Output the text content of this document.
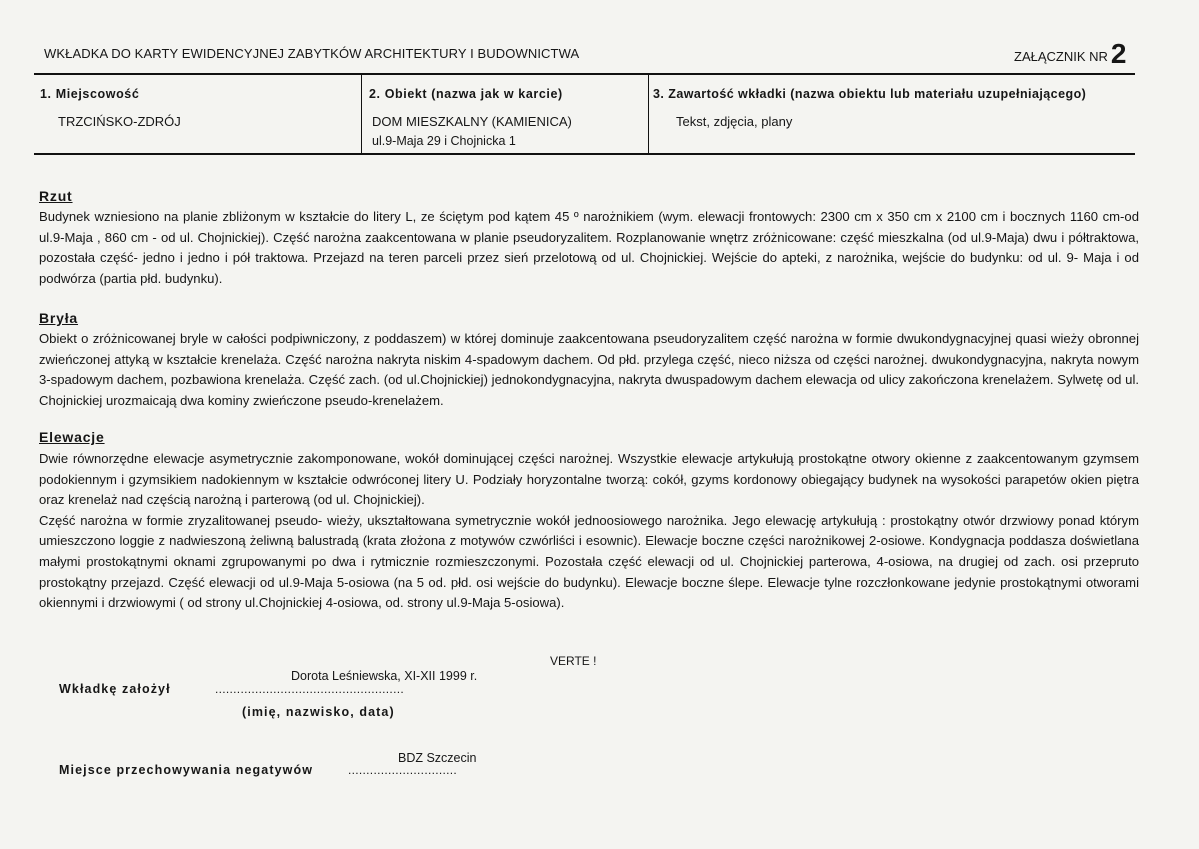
WKŁADKA DO KARTY EWIDENCYJNEJ ZABYTKÓW ARCHITEKTURY I BUDOWNICTWA	ZAŁĄCZNIK NR 2
1. Miejscowość
TRZCIŃSKO-ZDRÓJ
2. Obiekt (nazwa jak w karcie)
DOM MIESZKALNY (KAMIENICA)
ul.9-Maja 29 i Chojnicka 1
3. Zawartość wkładki (nazwa obiektu lub materiału uzupełniającego)
Tekst, zdjęcia, plany
Rzut

Budynek wzniesiono na planie zbliżonym w kształcie do litery L, ze ściętym pod kątem 45 º narożnikiem (wym. elewacji frontowych: 2300 cm x 350 cm x 2100 cm i bocznych 1160 cm-od ul.9-Maja , 860 cm - od ul. Chojnickiej). Część narożna zaakcentowana w planie pseudoryzalitem. Rozplanowanie wnętrz zróżnicowane: część mieszkalna (od ul.9-Maja) dwu i półtraktowa, pozostała część- jedno i jedno i pół traktowa. Przejazd na teren parceli przez sień przelotową od ul. Chojnickiej. Wejście do apteki, z narożnika, wejście do budynku: od ul. 9- Maja i od podwórza (partia płd. budynku).

Bryła

Obiekt o zróżnicowanej bryle w całości podpiwniczony, z poddaszem) w której dominuje zaakcentowana pseudoryzalitem część narożna w formie dwukondygnacyjnej quasi wieży obronnej zwieńczonej attyką w kształcie krenelaża. Część narożna nakryta niskim 4-spadowym dachem. Od płd. przylega część, nieco niższa od części narożnej. dwukondygnacyjna, nakryta nowym 3-spadowym dachem, pozbawiona krenelaża. Część zach. (od ul.Chojnickiej) jednokondygnacyjna, nakryta dwuspadowym dachem elewacja od ulicy zakończona krenelażem. Sylwetę od ul. Chojnickiej urozmaicają dwa kominy zwieńczone pseudo-krenelażem.

Elewacje

Dwie równorzędne elewacje asymetrycznie zakomponowane, wokół dominującej części narożnej. Wszystkie elewacje artykułują prostokątne otwory okienne z zaakcentowanym gzymsem podokiennym i gzymsikiem nadokiennym w kształcie odwróconej litery U. Podziały horyzontalne tworzą: cokół, gzyms kordonowy obiegający budynek na wysokości parapetów okien piętra oraz krenelaż nad częścią narożną i parterową (od ul. Chojnickiej).

Część narożna w formie zryzalitowanej pseudo- wieży, ukształtowana symetrycznie wokół jednoosiowego narożnika. Jego elewację artykułują : prostokątny otwór drzwiowy ponad którym umieszczono loggie z nadwieszoną żeliwną balustradą (krata złożona z motywów czwórliści i esownic). Elewacje boczne części narożnikowej 2-osiowe. Kondygnacja poddasza doświetlana małymi prostokątnymi oknami zgrupowanymi po dwa i rytmicznie rozmieszczonymi. Pozostała część elewacji od ul. Chojnickiej parterowa, 4-osiowa, na drugiej od zach. osi przepruto prostokątny przejazd. Część elewacji od ul.9-Maja 5-osiowa (na 5 od. płd. osi wejście do budynku). Elewacje boczne ślepe. Elewacje tylne rozczłonkowane jedynie prostokątnymi otworami okiennymi i drzwiowymi ( od strony ul.Chojnickiej 4-osiowa, od. strony ul.9-Maja 5-osiowa).

VERTE !
Dorota Leśniewska, XI-XII 1999 r.
Wkładkę założył	....................................................
(imię, nazwisko, data)
BDZ Szczecin
Miejsce przechowywania negatywów	..............................
